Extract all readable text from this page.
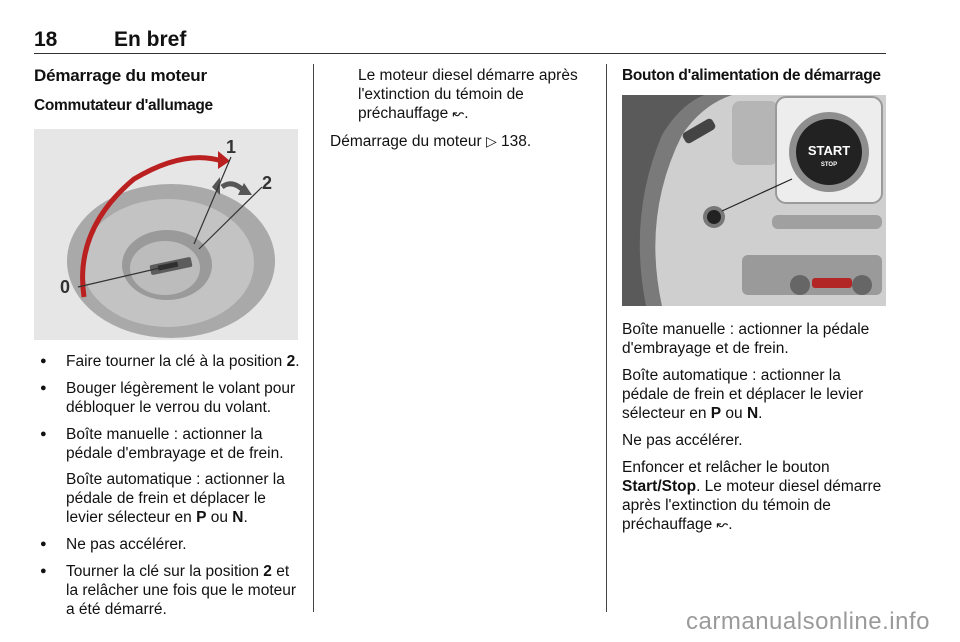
18	En bref
Démarrage du moteur
Commutateur d'allumage
0
1
2
● Faire tourner la clé à la position 2.
● Bouger légèrement le volant pour débloquer le verrou du volant.
● Boîte manuelle : actionner la pédale d'embrayage et de frein.
Boîte automatique : actionner la pédale de frein et déplacer le levier sélecteur en P ou N.
● Ne pas accélérer.
● Tourner la clé sur la position 2 et la relâcher une fois que le moteur a été démarré.
Le moteur diesel démarre après l'extinction du témoin de préchauffage ↜.
Démarrage du moteur ▷ 138.
Bouton d'alimentation de démarrage
START
STOP
Boîte manuelle : actionner la pédale d'embrayage et de frein.
Boîte automatique : actionner la pédale de frein et déplacer le levier sélecteur en P ou N.
Ne pas accélérer.
Enfoncer et relâcher le bouton Start/Stop. Le moteur diesel démarre après l'extinction du témoin de préchauffage ↜.
carmanualsonline.info
